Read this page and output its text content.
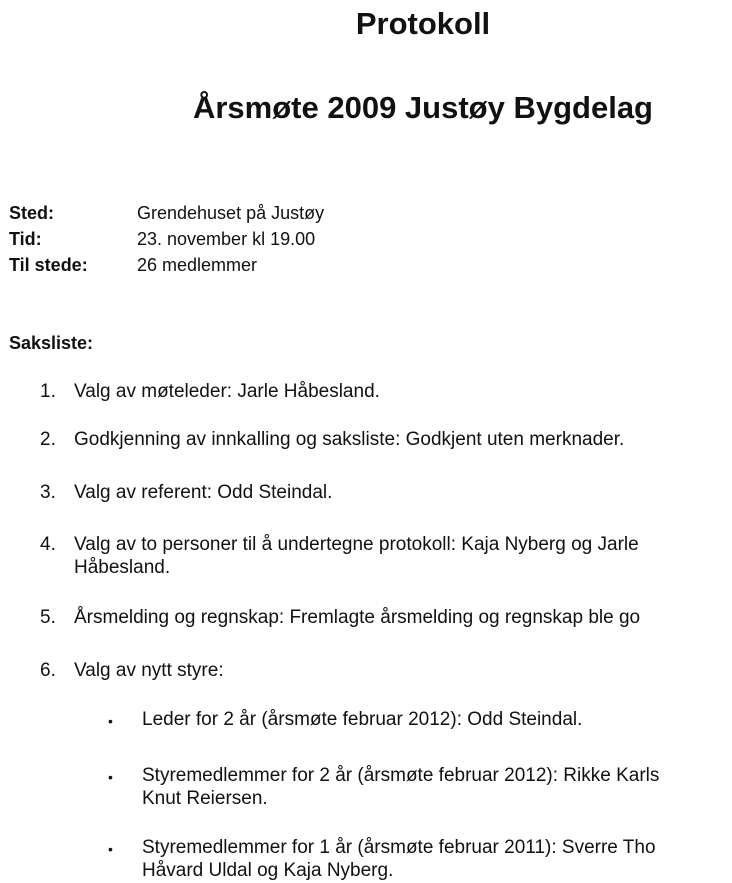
Protokoll
Årsmøte 2009 Justøy Bygdelag
Sted:	Grendehuset på Justøy
Tid:	23. november kl 19.00
Til stede:	26 medlemmer
Saksliste:
1. Valg av møteleder: Jarle Håbesland.
2. Godkjenning av innkalling og saksliste: Godkjent uten merknader.
3. Valg av referent: Odd Steindal.
4. Valg av to personer til å undertegne protokoll: Kaja Nyberg og Jarle
Håbesland.
5. Årsmelding og regnskap: Fremlagte årsmelding og regnskap ble go
6. Valg av nytt styre:
• Leder for 2 år (årsmøte februar 2012): Odd Steindal.
• Styremedlemmer for 2 år (årsmøte februar 2012): Rikke Karls
Knut Reiersen.
• Styremedlemmer for 1 år (årsmøte februar 2011): Sverre Tho
Håvard Uldal og Kaja Nyberg.
